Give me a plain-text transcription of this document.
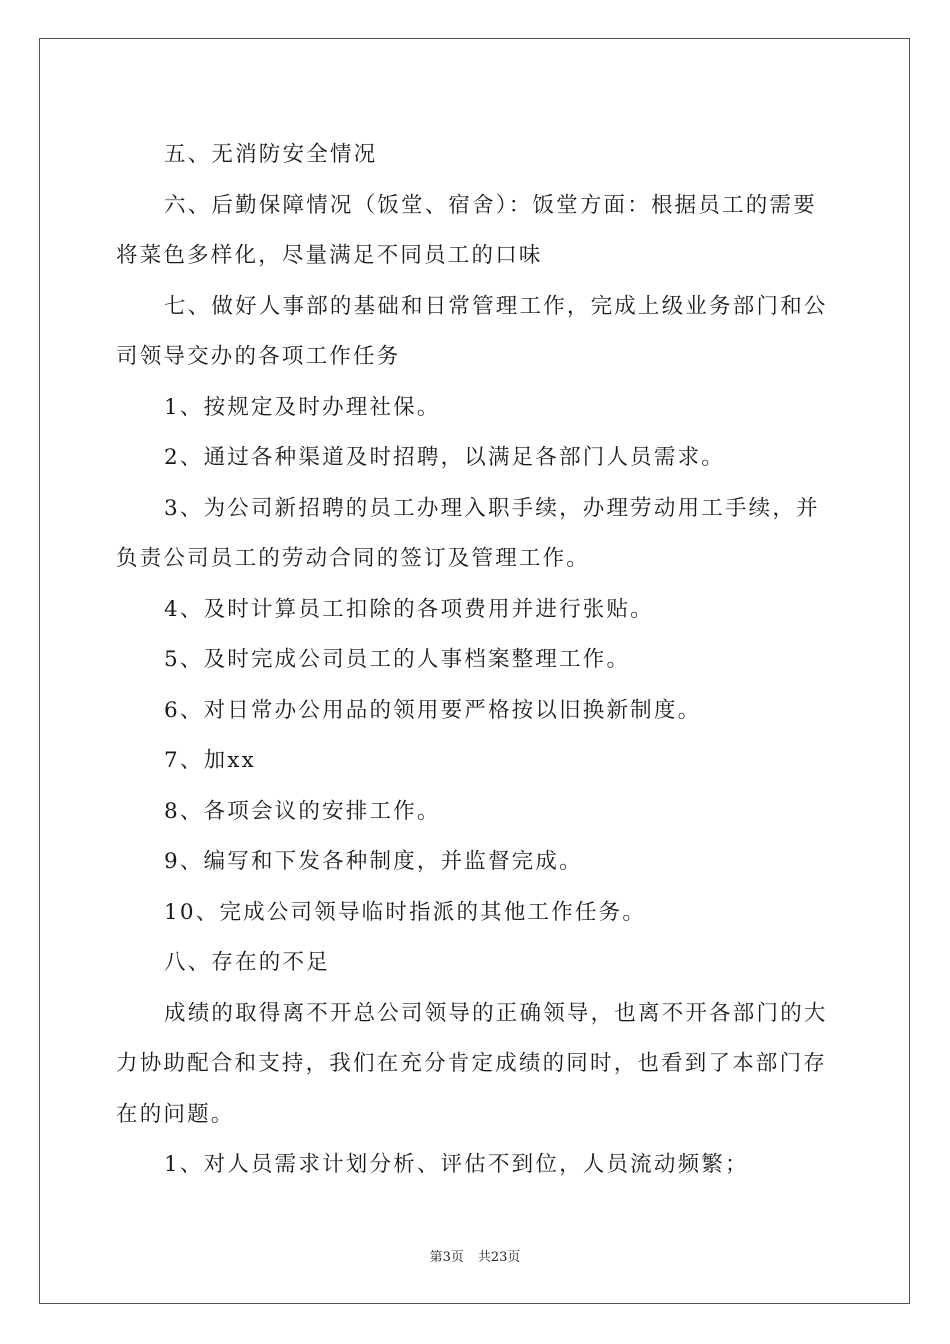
五、无消防安全情况

六、后勤保障情况（饭堂、宿舍）：饭堂方面：根据员工的需要将菜色多样化，尽量满足不同员工的口味

七、做好人事部的基础和日常管理工作，完成上级业务部门和公司领导交办的各项工作任务

1、按规定及时办理社保。

2、通过各种渠道及时招聘，以满足各部门人员需求。

3、为公司新招聘的员工办理入职手续，办理劳动用工手续，并负责公司员工的劳动合同的签订及管理工作。

4、及时计算员工扣除的各项费用并进行张贴。

5、及时完成公司员工的人事档案整理工作。

6、对日常办公用品的领用要严格按以旧换新制度。

7、加xx

8、各项会议的安排工作。

9、编写和下发各种制度，并监督完成。

10、完成公司领导临时指派的其他工作任务。

八、存在的不足

成绩的取得离不开总公司领导的正确领导，也离不开各部门的大力协助配合和支持，我们在充分肯定成绩的同时，也看到了本部门存在的问题。

1、对人员需求计划分析、评估不到位，人员流动频繁；

第3页 共23页
